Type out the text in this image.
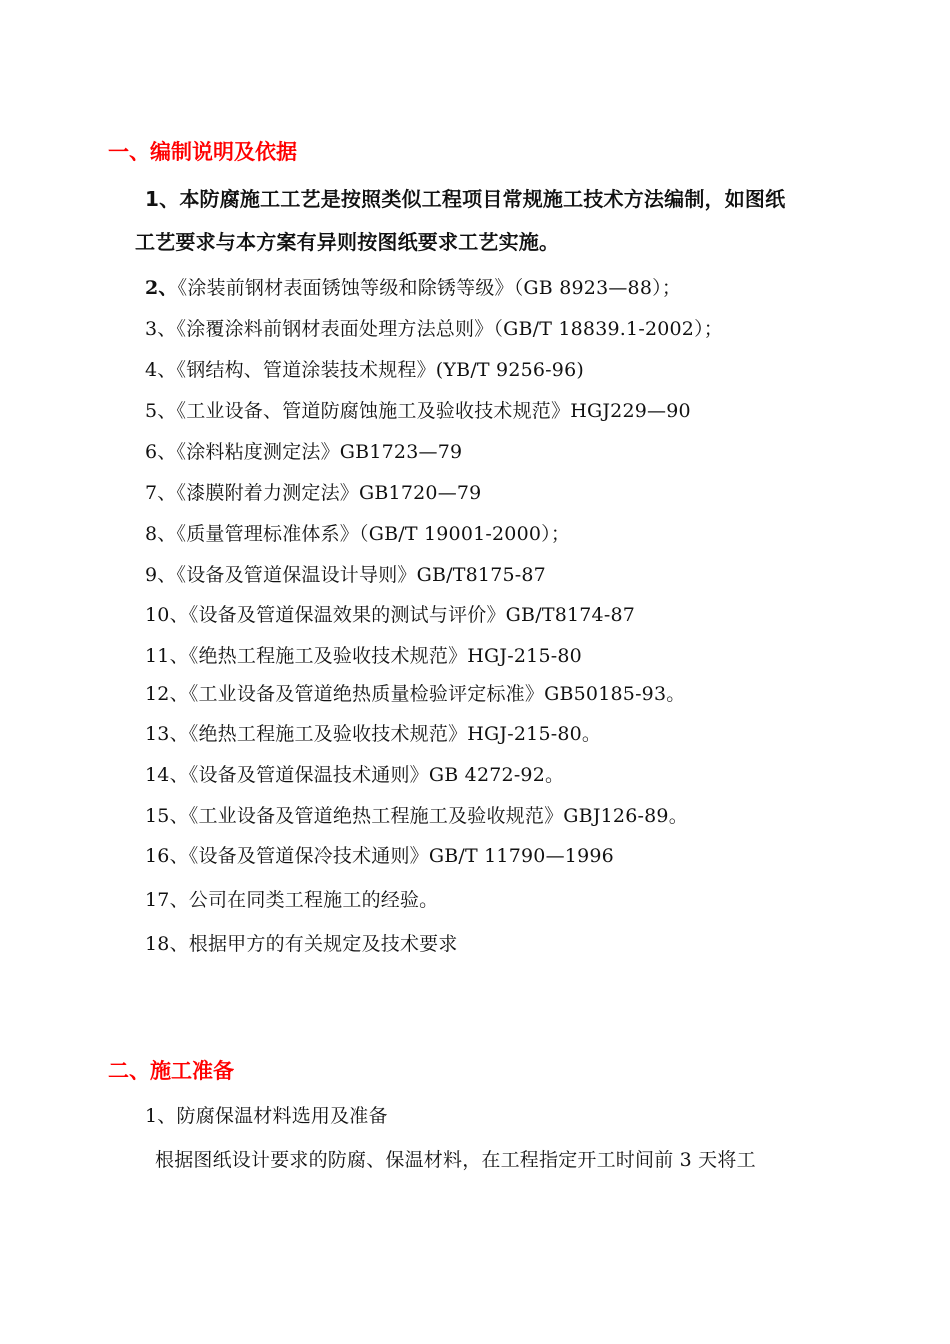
一、编制说明及依据

1、本防腐施工工艺是按照类似工程项目常规施工技术方法编制，如图纸

工艺要求与本方案有异则按图纸要求工艺实施。

2、《涂装前钢材表面锈蚀等级和除锈等级》（GB 8923—88）；

3、《涂覆涂料前钢材表面处理方法总则》（GB/T 18839.1-2002）；

4、《钢结构、管道涂装技术规程》(YB/T 9256-96)

5、《工业设备、管道防腐蚀施工及验收技术规范》HGJ229—90

6、《涂料粘度测定法》GB1723—79

7、《漆膜附着力测定法》GB1720—79

8、《质量管理标准体系》（GB/T 19001-2000）；

9、《设备及管道保温设计导则》GB/T8175-87

10、《设备及管道保温效果的测试与评价》GB/T8174-87

11、《绝热工程施工及验收技术规范》HGJ-215-80

12、《工业设备及管道绝热质量检验评定标准》GB50185-93。

13、《绝热工程施工及验收技术规范》HGJ-215-80。

14、《设备及管道保温技术通则》GB 4272-92。

15、《工业设备及管道绝热工程施工及验收规范》GBJ126-89。

16、《设备及管道保冷技术通则》GB/T 11790—1996

17、公司在同类工程施工的经验。

18、根据甲方的有关规定及技术要求

二、施工准备

1、防腐保温材料选用及准备

根据图纸设计要求的防腐、保温材料，在工程指定开工时间前 3 天将工
